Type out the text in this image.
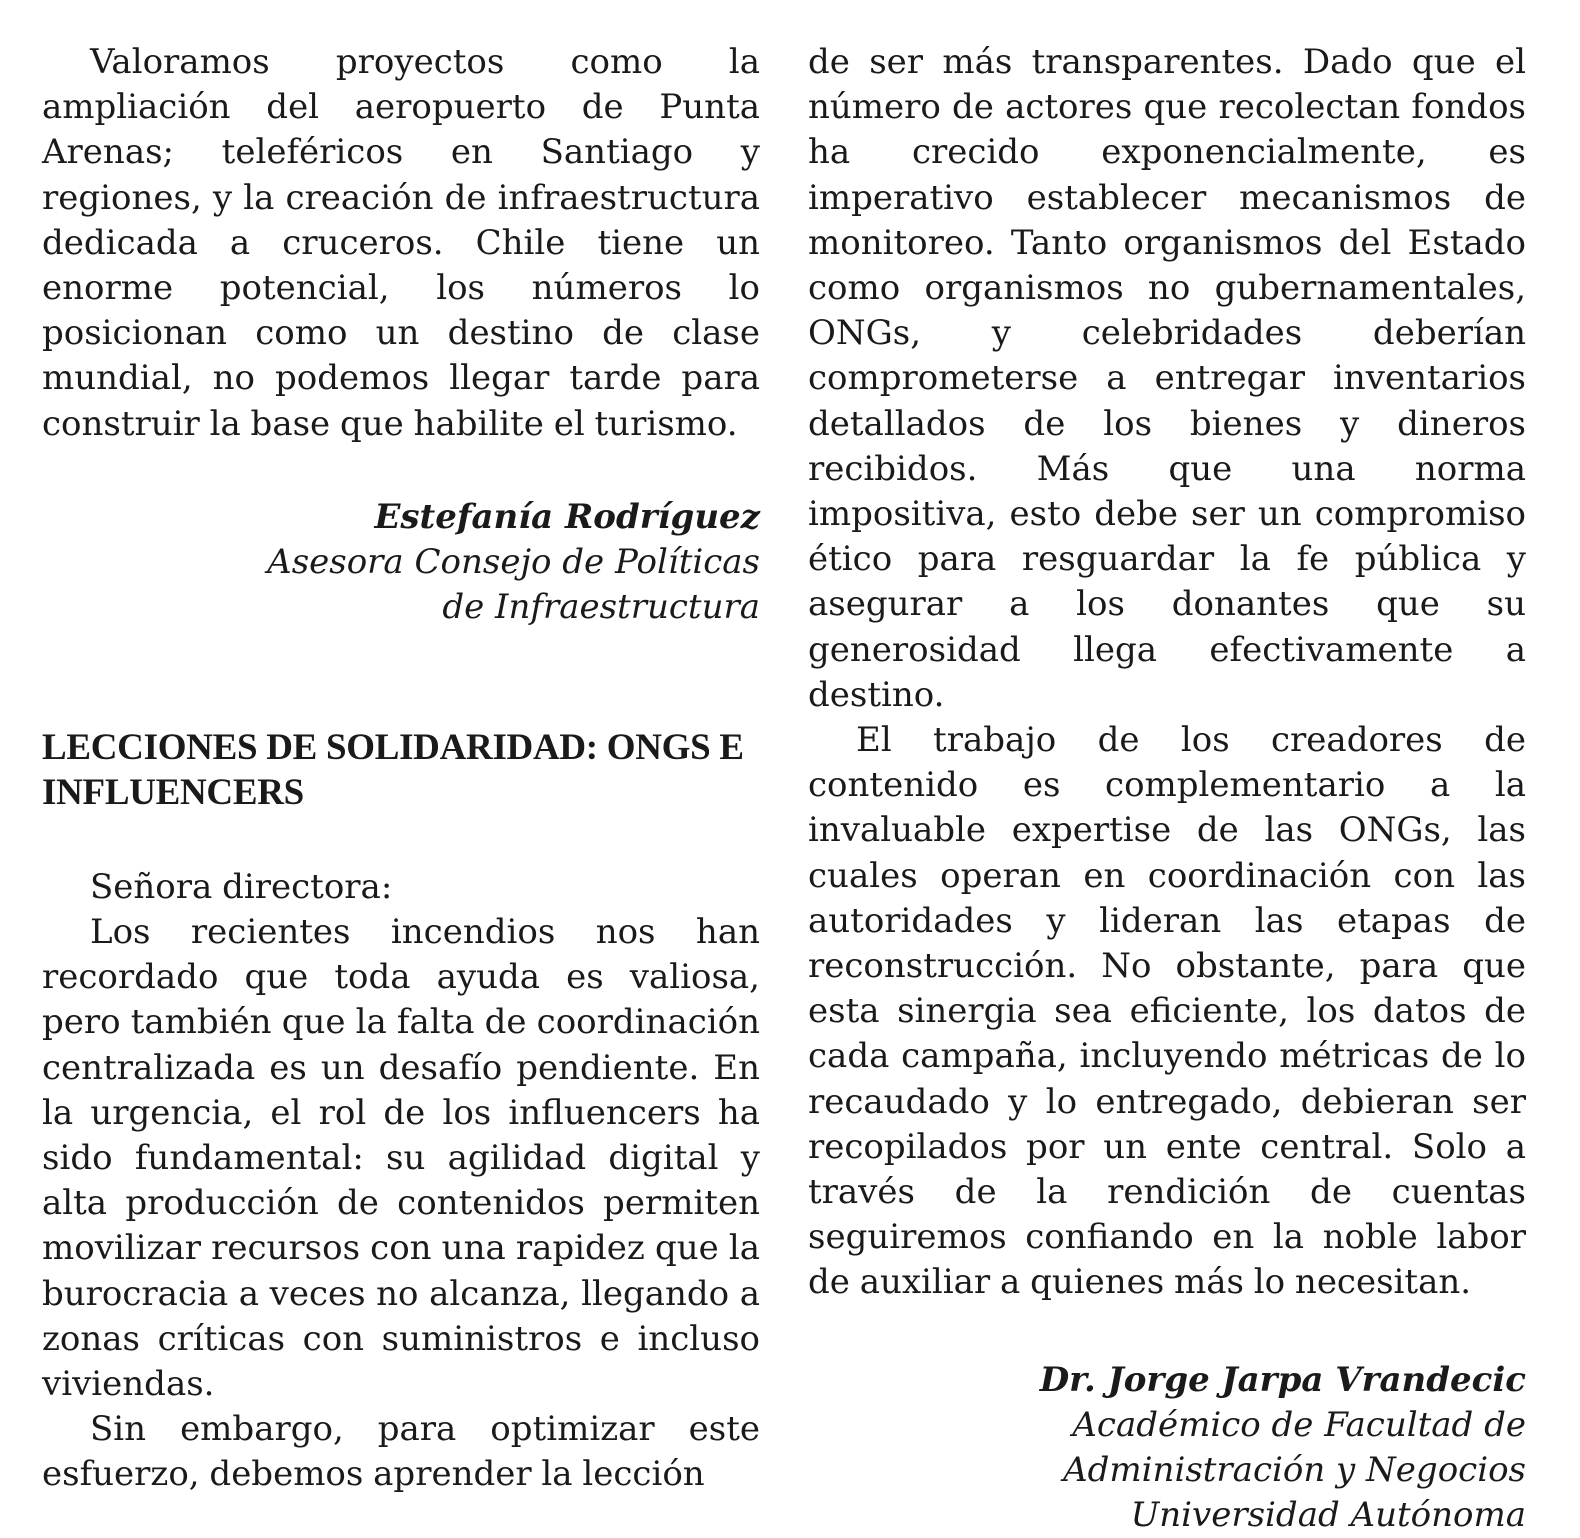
Valoramos proyectos como la ampliación del aeropuerto de Punta Arenas; teleféricos en Santiago y regiones, y la creación de infraestructura dedicada a cruceros. Chile tiene un enorme potencial, los números lo posicionan como un destino de clase mundial, no podemos llegar tarde para construir la base que habilite el turismo.

Estefanía Rodríguez
Asesora Consejo de Políticas
de Infraestructura

LECCIONES DE SOLIDARIDAD: ONGS E INFLUENCERS

Señora directora:

Los recientes incendios nos han recordado que toda ayuda es valiosa, pero también que la falta de coordinación centralizada es un desafío pendiente. En la urgencia, el rol de los influencers ha sido fundamental: su agilidad digital y alta producción de contenidos permiten movilizar recursos con una rapidez que la burocracia a veces no alcanza, llegando a zonas críticas con suministros e incluso viviendas.

Sin embargo, para optimizar este esfuerzo, debemos aprender la lección

de ser más transparentes. Dado que el número de actores que recolectan fondos ha crecido exponencialmente, es imperativo establecer mecanismos de monitoreo. Tanto organismos del Estado como organismos no gubernamentales, ONGs, y celebridades deberían comprometerse a entregar inventarios detallados de los bienes y dineros recibidos. Más que una norma impositiva, esto debe ser un compromiso ético para resguardar la fe pública y asegurar a los donantes que su generosidad llega efectivamente a destino.

El trabajo de los creadores de contenido es complementario a la invaluable expertise de las ONGs, las cuales operan en coordinación con las autoridades y lideran las etapas de reconstrucción. No obstante, para que esta sinergia sea eficiente, los datos de cada campaña, incluyendo métricas de lo recaudado y lo entregado, debieran ser recopilados por un ente central. Solo a través de la rendición de cuentas seguiremos confiando en la noble labor de auxiliar a quienes más lo necesitan.

Dr. Jorge Jarpa Vrandecic
Académico de Facultad de
Administración y Negocios
Universidad Autónoma
